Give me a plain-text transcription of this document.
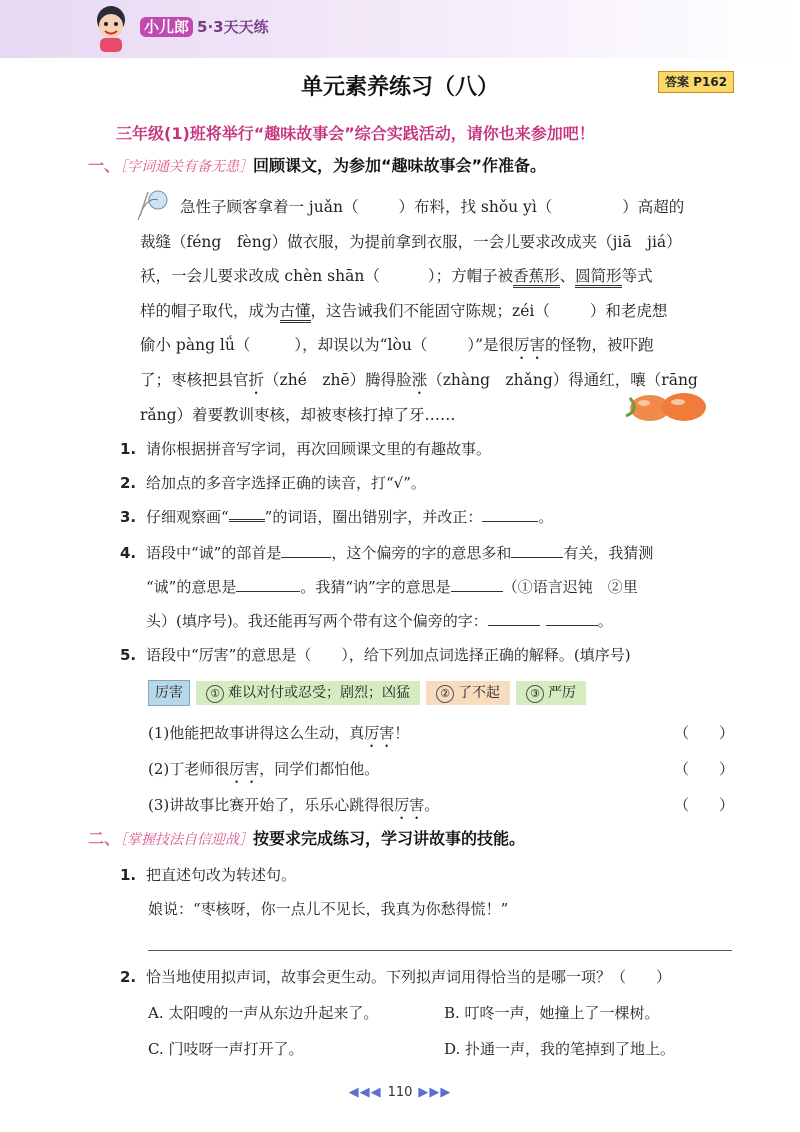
小儿郎 5·3天天练
单元素养练习（八）	答案 P162
三年级(1)班将举行“趣味故事会”综合实践活动，请你也来参加吧！
一、［字词通关有备无患］回顾课文，为参加“趣味故事会”作准备。

急性子顾客拿着一 juǎn（	）布料，找 shǒu yì（	）高超的

裁缝（féng　fèng）做衣服，为提前拿到衣服，一会儿要求改成夹（jiā　jiá）

袄，一会儿要求改成 chèn shān（	）；方帽子被香蕉形、圆简形等式

样的帽子取代，成为古懂，这告诫我们不能固守陈规；zéi（	）和老虎想

偷小 pàng lǘ（	），却误以为“lòu（	）”是很厉害的怪物，被吓跑

了；枣核把县官折（zhé　zhē）腾得脸涨（zhàng　zhǎng）得通红，嚷（rāng

rǎng）着要教训枣核，却被枣核打掉了牙……

1. 请你根据拼音写字词，再次回顾课文里的有趣故事。
2. 给加点的多音字选择正确的读音，打“√”。
3. 仔细观察画“ ”的词语，圈出错别字，并改正：	。
4. 语段中“诚”的部首是	，这个偏旁的字的意思多和	有关，我猜测
“诚”的意思是	。我猜“讷”字的意思是	（①语言迟钝　②里
头）(填序号)。我还能再写两个带有这个偏旁的字：	。
5. 语段中“厉害”的意思是（　　），给下列加点词选择正确的解释。(填序号)
厉害 ① 难以对付或忍受；剧烈；凶猛	② 了不起	③ 严厉
(1)他能把故事讲得这么生动，真厉害！	（　　）
(2)丁老师很厉害，同学们都怕他。	（　　）
(3)讲故事比赛开始了，乐乐心跳得很厉害。	（　　）
二、［掌握技法自信迎战］按要求完成练习，学习讲故事的技能。
1. 把直述句改为转述句。
娘说：“枣核呀，你一点儿不见长，我真为你愁得慌！”
2. 恰当地使用拟声词，故事会更生动。下列拟声词用得恰当的是哪一项？（　　）
A. 太阳嗖的一声从东边升起来了。	B. 叮咚一声，她撞上了一棵树。
C. 门吱呀一声打开了。	D. 扑通一声，我的笔掉到了地上。
◀◀◀ 110 ▶▶▶
